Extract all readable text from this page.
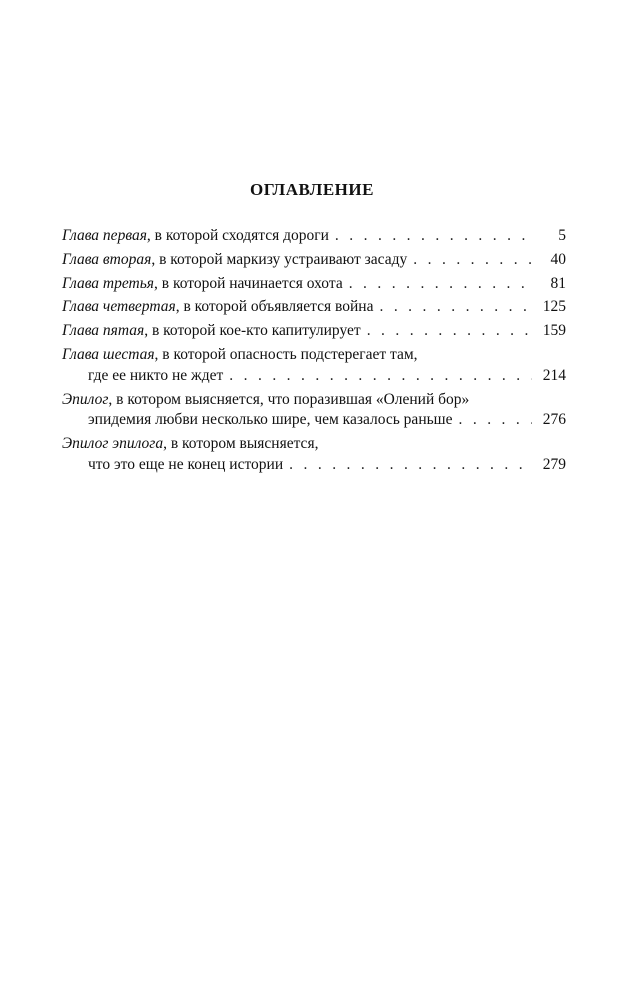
ОГЛАВЛЕНИЕ
Глава первая, в которой сходятся дороги . . .	5
Глава вторая, в которой маркизу устраивают засаду . . .	40
Глава третья, в которой начинается охота . . .	81
Глава четвертая, в которой объявляется война . . .	125
Глава пятая, в которой кое-кто капитулирует . . .	159
Глава шестая, в которой опасность подстерегает там,
где ее никто не ждет . . .	214
Эпилог, в котором выясняется, что поразившая «Олений бор»
эпидемия любви несколько шире, чем казалось раньше . . .	276
Эпилог эпилога, в котором выясняется,
что это еще не конец истории . . .	279
